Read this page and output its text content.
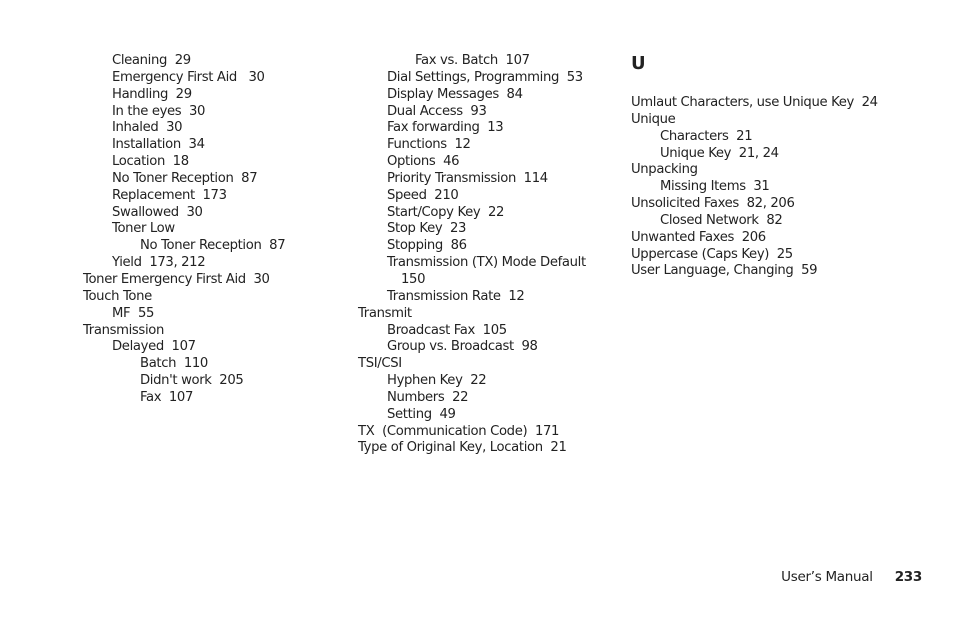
Cleaning  29
Emergency First Aid   30
Handling  29
In the eyes  30
Inhaled  30
Installation  34
Location  18
No Toner Reception  87
Replacement  173
Swallowed  30
Toner Low
No Toner Reception  87
Yield  173, 212
Toner Emergency First Aid  30
Touch Tone
MF  55
Transmission
Delayed  107
Batch  110
Didn't work  205
Fax  107
Fax vs. Batch  107
Dial Settings, Programming  53
Display Messages  84
Dual Access  93
Fax forwarding  13
Functions  12
Options  46
Priority Transmission  114
Speed  210
Start/Copy Key  22
Stop Key  23
Stopping  86
Transmission (TX) Mode Default
150
Transmission Rate  12
Transmit
Broadcast Fax  105
Group vs. Broadcast  98
TSI/CSI
Hyphen Key  22
Numbers  22
Setting  49
TX  (Communication Code)  171
Type of Original Key, Location  21
U
Umlaut Characters, use Unique Key  24
Unique
Characters  21
Unique Key  21, 24
Unpacking
Missing Items  31
Unsolicited Faxes  82, 206
Closed Network  82
Unwanted Faxes  206
Uppercase (Caps Key)  25
User Language, Changing  59
User’s Manual 233
